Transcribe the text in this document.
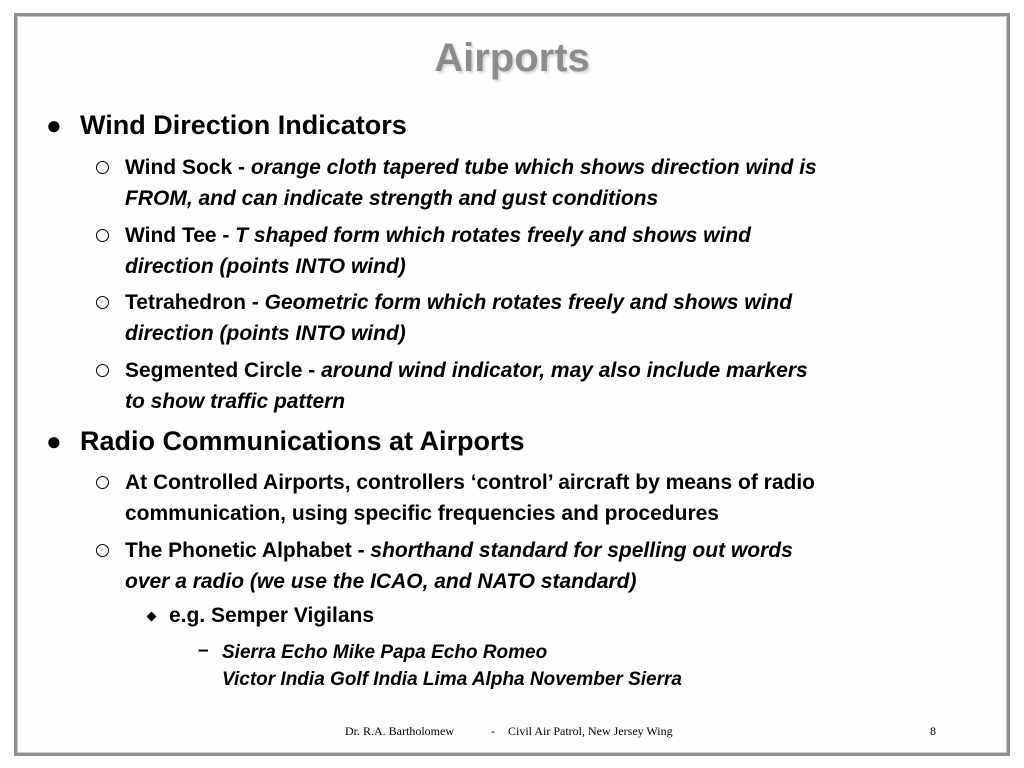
Airports
● Wind Direction Indicators
Wind Sock - orange cloth tapered tube which shows direction wind is
FROM, and can indicate strength and gust conditions
Wind Tee - T shaped form which rotates freely and shows wind
direction (points INTO wind)
Tetrahedron - Geometric form which rotates freely and shows wind
direction (points INTO wind)
Segmented Circle - around wind indicator, may also include markers
to show traffic pattern
● Radio Communications at Airports
At Controlled Airports, controllers ‘control’ aircraft by means of radio
communication, using specific frequencies and procedures
The Phonetic Alphabet - shorthand standard for spelling out words
over a radio (we use the ICAO, and NATO standard)
e.g. Semper Vigilans
– Sierra Echo Mike Papa Echo Romeo
Victor India Golf India Lima Alpha November Sierra
Dr. R.A. Bartholomew	- Civil Air Patrol, New Jersey Wing	8
